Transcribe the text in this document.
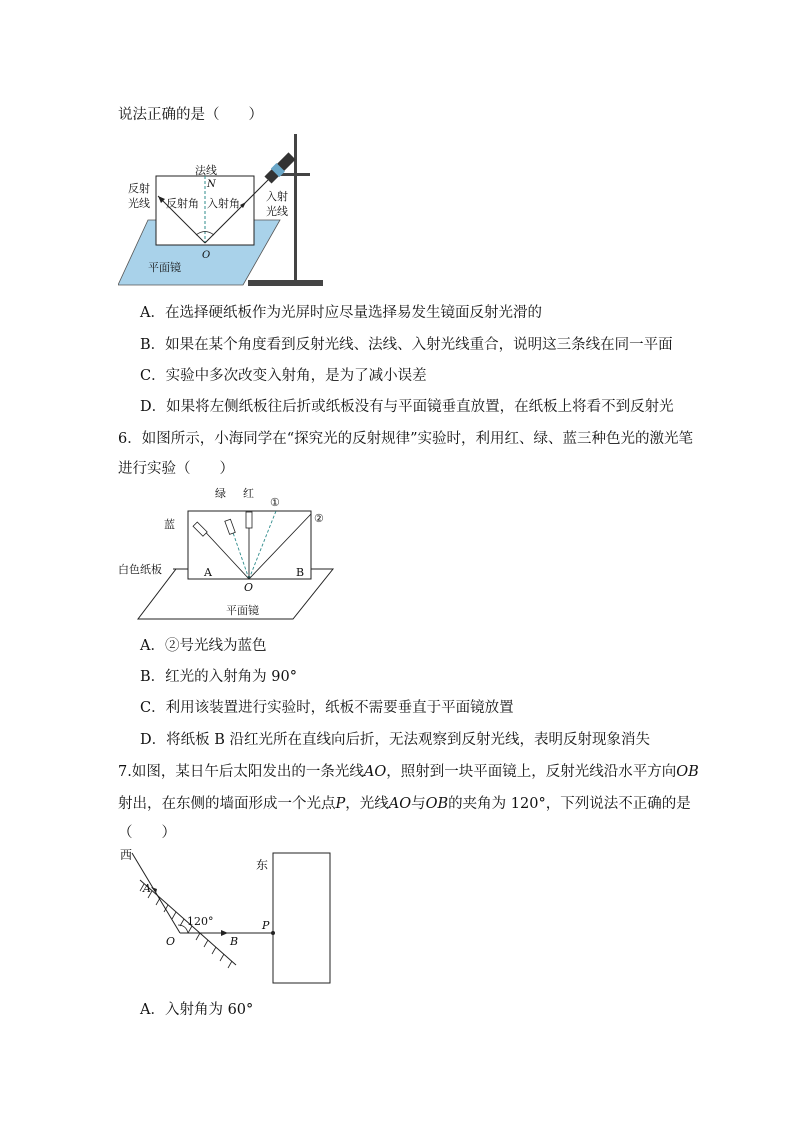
说法正确的是（　　）
平面镜
法线
N
反射角 入射角
反射
光线
入射
光线
O
A．在选择硬纸板作为光屏时应尽量选择易发生镜面反射光滑的
B．如果在某个角度看到反射光线、法线、入射光线重合，说明这三条线在同一平面
C．实验中多次改变入射角，是为了减小误差
D．如果将左侧纸板往后折或纸板没有与平面镜垂直放置，在纸板上将看不到反射光
6．如图所示，小海同学在“探究光的反射规律”实验时，利用红、绿、蓝三种色光的激光笔
进行实验（　　）
平面镜
白色纸板	A	B
O
绿 红
蓝
①
②
A．②号光线为蓝色
B．红光的入射角为 90°
C．利用该装置进行实验时，纸板不需要垂直于平面镜放置
D．将纸板 B 沿红光所在直线向后折，无法观察到反射光线，表明反射现象消失
7.如图，某日午后太阳发出的一条光线AO，照射到一块平面镜上，反射光线沿水平方向OB
射出，在东侧的墙面形成一个光点P，光线AO与OB的夹角为 120°，下列说法不正确的是
（　　）
西
东
A
120°
O	B
P
A．入射角为 60°
